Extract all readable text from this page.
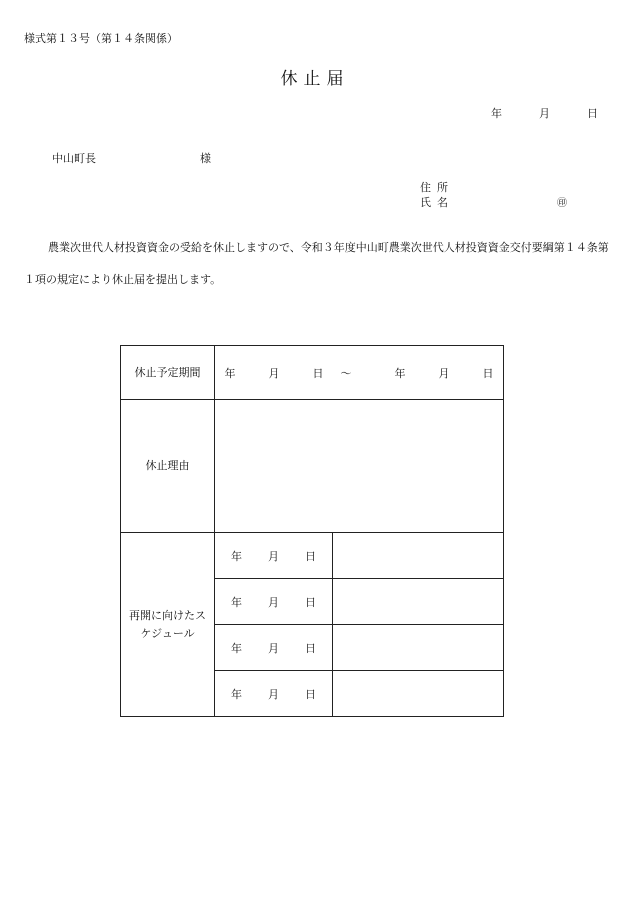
様式第１３号（第１４条関係）
休止届
年	月	日
中山町長	様
住所
氏名	㊞
農業次世代人材投資資金の受給を休止しますので、令和３年度中山町農業次世代人材投資資金交付要綱第１４条第１項の規定により休止届を提出します。
休止予定期間	年 月 日 ～ 年 月 日	
休止理由		

再開に向けたスケジュール	年 月 日	
	年 月 日	
	年 月 日	
	年 月 日	
